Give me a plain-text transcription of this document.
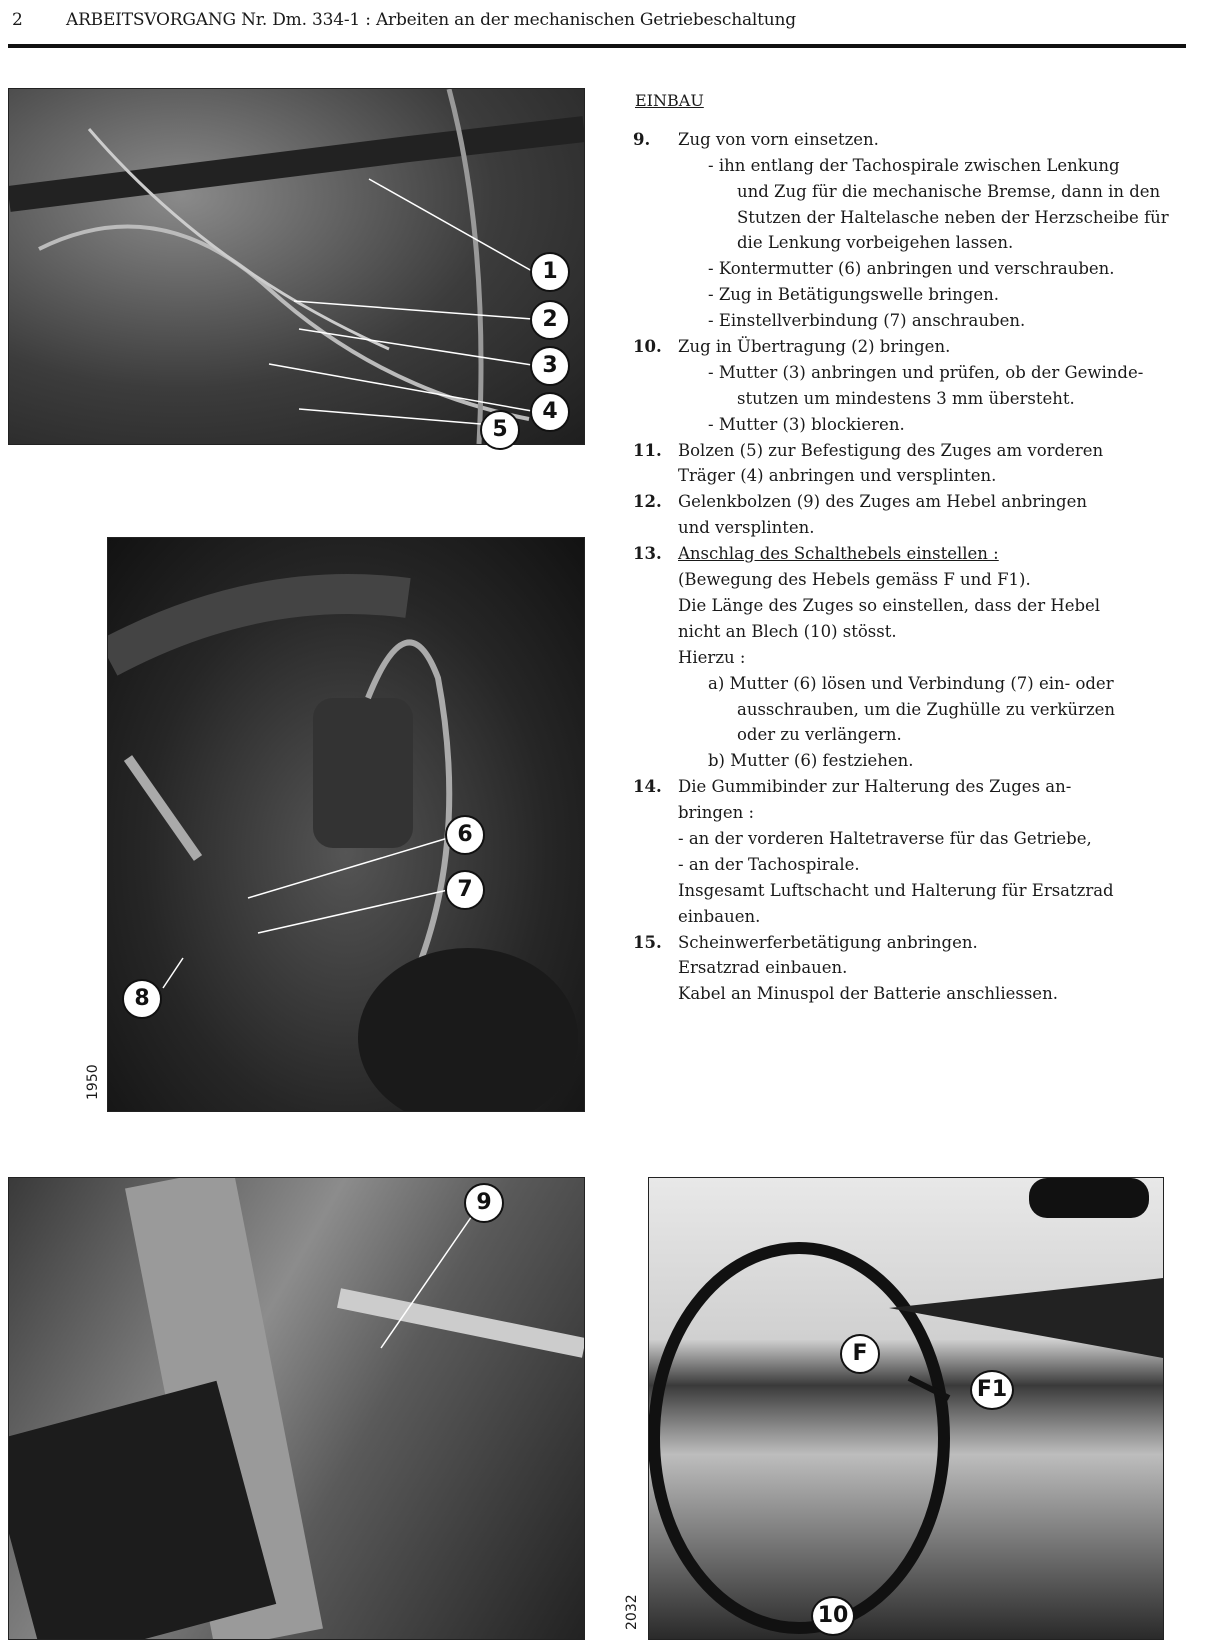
2	ARBEITSVORGANG Nr. Dm. 334-1 : Arbeiten an der mechanischen Getriebeschaltung
1
2
3
4
5
6
7
8
1950
9
F
F1
10
2032
EINBAU
9. Zug von vorn einsetzen.
- ihn entlang der Tachospirale zwischen Lenkung
und Zug für die mechanische Bremse, dann in den
Stutzen der Haltelasche neben der Herzscheibe für
die Lenkung vorbeigehen lassen.
- Kontermutter (6) anbringen und verschrauben.
- Zug in Betätigungswelle bringen.
- Einstellverbindung (7) anschrauben.
10. Zug in Übertragung (2) bringen.
- Mutter (3) anbringen und prüfen, ob der Gewinde-
stutzen um mindestens 3 mm übersteht.
- Mutter (3) blockieren.
11. Bolzen (5) zur Befestigung des Zuges am vorderen
Träger (4) anbringen und versplinten.
12. Gelenkbolzen (9) des Zuges am Hebel anbringen
und versplinten.
13. Anschlag des Schalthebels einstellen :
(Bewegung des Hebels gemäss F und F1).
Die Länge des Zuges so einstellen, dass der Hebel
nicht an Blech (10) stösst.
Hierzu :
a) Mutter (6) lösen und Verbindung (7) ein- oder
ausschrauben, um die Zughülle zu verkürzen
oder zu verlängern.
b) Mutter (6) festziehen.
14. Die Gummibinder zur Halterung des Zuges an-
bringen :
- an der vorderen Haltetraverse für das Getriebe,
- an der Tachospirale.
Insgesamt Luftschacht und Halterung für Ersatzrad
einbauen.
15. Scheinwerferbetätigung anbringen.
Ersatzrad einbauen.
Kabel an Minuspol der Batterie anschliessen.
